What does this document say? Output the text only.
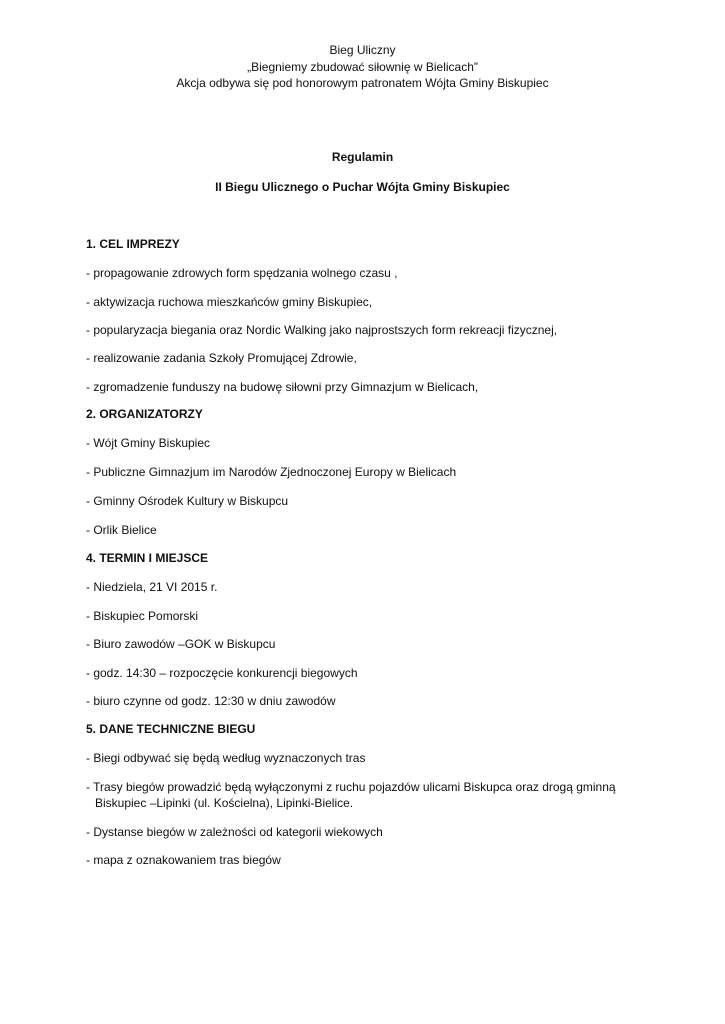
Bieg Uliczny
„Biegniemy zbudować siłownię w Bielicach”
Akcja odbywa się pod honorowym patronatem Wójta Gminy Biskupiec
Regulamin
II Biegu Ulicznego o Puchar Wójta Gminy Biskupiec
1. CEL IMPREZY
- propagowanie zdrowych form spędzania wolnego czasu ,
- aktywizacja ruchowa mieszkańców gminy Biskupiec,
- popularyzacja biegania oraz Nordic Walking jako najprostszych form rekreacji fizycznej,
- realizowanie zadania Szkoły Promującej Zdrowie,
- zgromadzenie funduszy na budowę siłowni przy Gimnazjum w Bielicach,
2. ORGANIZATORZY
- Wójt Gminy Biskupiec
- Publiczne Gimnazjum im Narodów Zjednoczonej Europy w Bielicach
- Gminny Ośrodek Kultury w Biskupcu
- Orlik Bielice
4. TERMIN I MIEJSCE
- Niedziela, 21 VI 2015 r.
- Biskupiec Pomorski
- Biuro zawodów –GOK w Biskupcu
- godz. 14:30 – rozpoczęcie konkurencji biegowych
- biuro czynne od godz. 12:30 w dniu zawodów
5. DANE TECHNICZNE BIEGU
- Biegi odbywać się będą według wyznaczonych tras
- Trasy biegów prowadzić będą wyłączonymi z ruchu pojazdów ulicami Biskupca oraz drogą gminną
Biskupiec –Lipinki (ul. Kościelna), Lipinki-Bielice.
- Dystanse biegów w zależności od kategorii wiekowych
- mapa z oznakowaniem tras biegów
